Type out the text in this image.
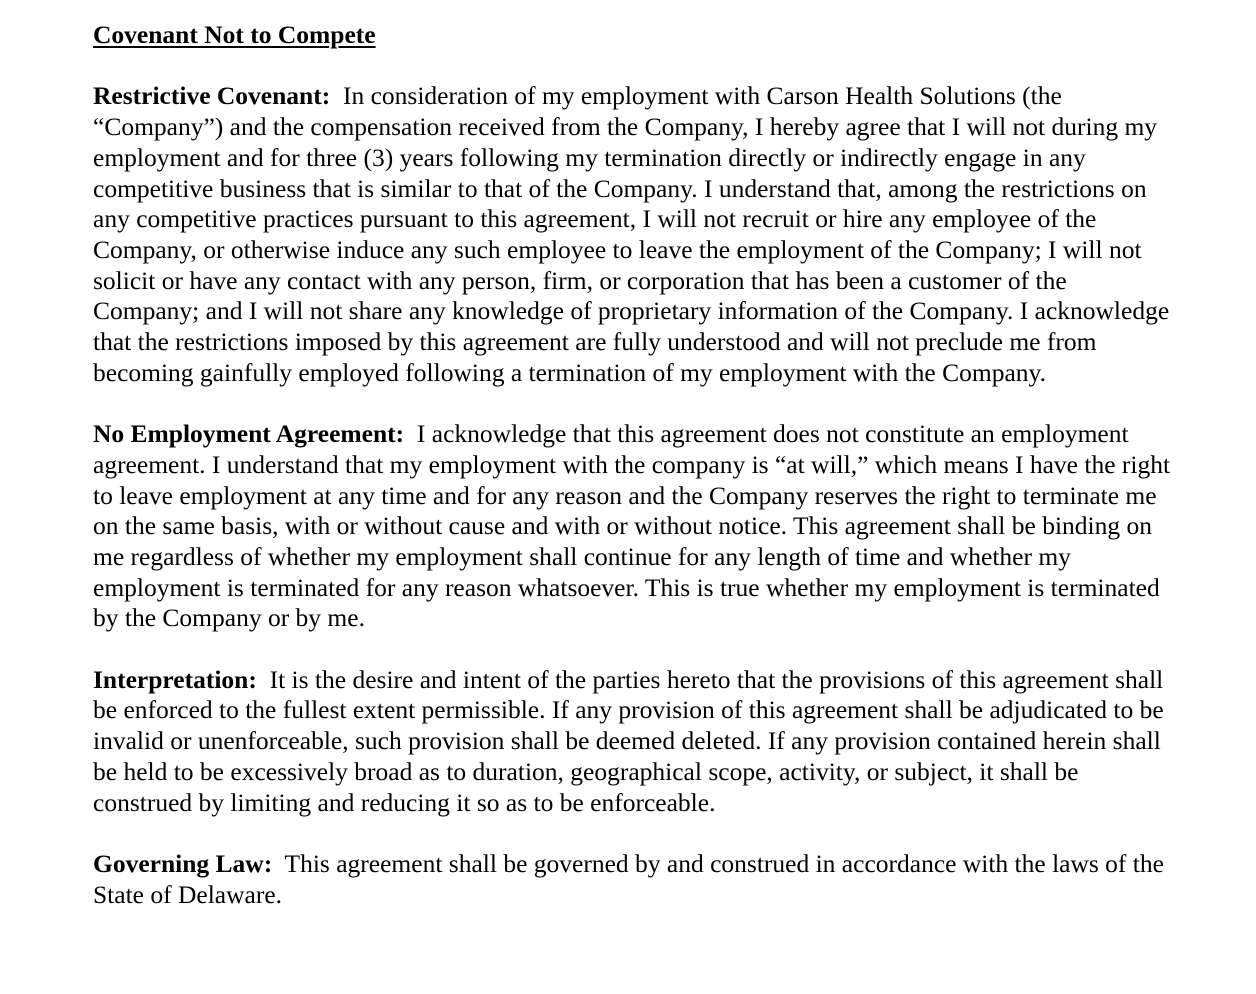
Covenant Not to Compete

Restrictive Covenant: In consideration of my employment with Carson Health Solutions (the “Company”) and the compensation received from the Company, I hereby agree that I will not during my employment and for three (3) years following my termination directly or indirectly engage in any competitive business that is similar to that of the Company. I understand that, among the restrictions on any competitive practices pursuant to this agreement, I will not recruit or hire any employee of the Company, or otherwise induce any such employee to leave the employment of the Company; I will not solicit or have any contact with any person, firm, or corporation that has been a customer of the Company; and I will not share any knowledge of proprietary information of the Company. I acknowledge that the restrictions imposed by this agreement are fully understood and will not preclude me from becoming gainfully employed following a termination of my employment with the Company.

No Employment Agreement: I acknowledge that this agreement does not constitute an employment agreement. I understand that my employment with the company is “at will,” which means I have the right to leave employment at any time and for any reason and the Company reserves the right to terminate me on the same basis, with or without cause and with or without notice. This agreement shall be binding on me regardless of whether my employment shall continue for any length of time and whether my employment is terminated for any reason whatsoever. This is true whether my employment is terminated by the Company or by me.

Interpretation: It is the desire and intent of the parties hereto that the provisions of this agreement shall be enforced to the fullest extent permissible. If any provision of this agreement shall be adjudicated to be invalid or unenforceable, such provision shall be deemed deleted. If any provision contained herein shall be held to be excessively broad as to duration, geographical scope, activity, or subject, it shall be construed by limiting and reducing it so as to be enforceable.

Governing Law: This agreement shall be governed by and construed in accordance with the laws of the State of Delaware.
